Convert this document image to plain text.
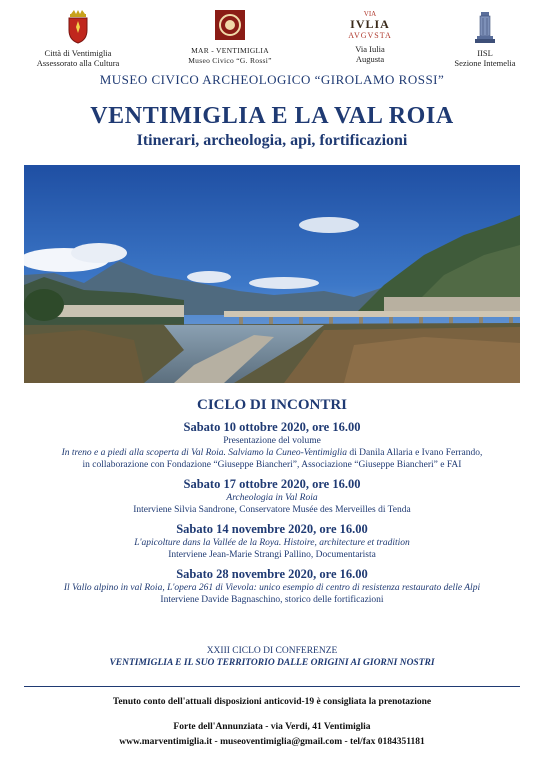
Città di Ventimiglia
Assessorato alla Cultura
MAR - VENTIMIGLIA
Museo Civico “G. Rossi”
VIA
IVLIA
AVGVSTA
Via Iulia
Augusta
IISL
Sezione Intemelia
MUSEO CIVICO ARCHEOLOGICO “GIROLAMO ROSSI”
VENTIMIGLIA E LA VAL ROIA
Itinerari, archeologia, api, fortificazioni
CICLO DI INCONTRI
Sabato 10 ottobre 2020, ore 16.00
Presentazione del volume
In treno e a piedi alla scoperta di Val Roia. Salviamo la Cuneo-Ventimiglia di Danila Allaria e Ivano Ferrando,
in collaborazione con Fondazione “Giuseppe Biancheri”, Associazione “Giuseppe Biancheri” e FAI
Sabato 17 ottobre 2020, ore 16.00
Archeologia in Val Roia
Interviene Silvia Sandrone, Conservatore Musée des Merveilles di Tenda
Sabato 14 novembre 2020, ore 16.00
L'apicolture dans la Vallée de la Roya. Histoire, architecture et tradition
Interviene Jean-Marie Strangi Pallino, Documentarista
Sabato 28 novembre 2020, ore 16.00
Il Vallo alpino in val Roia, L'opera 261 di Vievola: unico esempio di centro di resistenza restaurato delle Alpi
Interviene Davide Bagnaschino, storico delle fortificazioni
XXIII CICLO DI CONFERENZE
VENTIMIGLIA E IL SUO TERRITORIO DALLE ORIGINI AI GIORNI NOSTRI
Tenuto conto dell'attuali disposizioni anticovid-19 è consigliata la prenotazione
Forte dell'Annunziata - via Verdi, 41 Ventimiglia
www.marventimiglia.it - museoventimiglia@gmail.com - tel/fax 0184351181
